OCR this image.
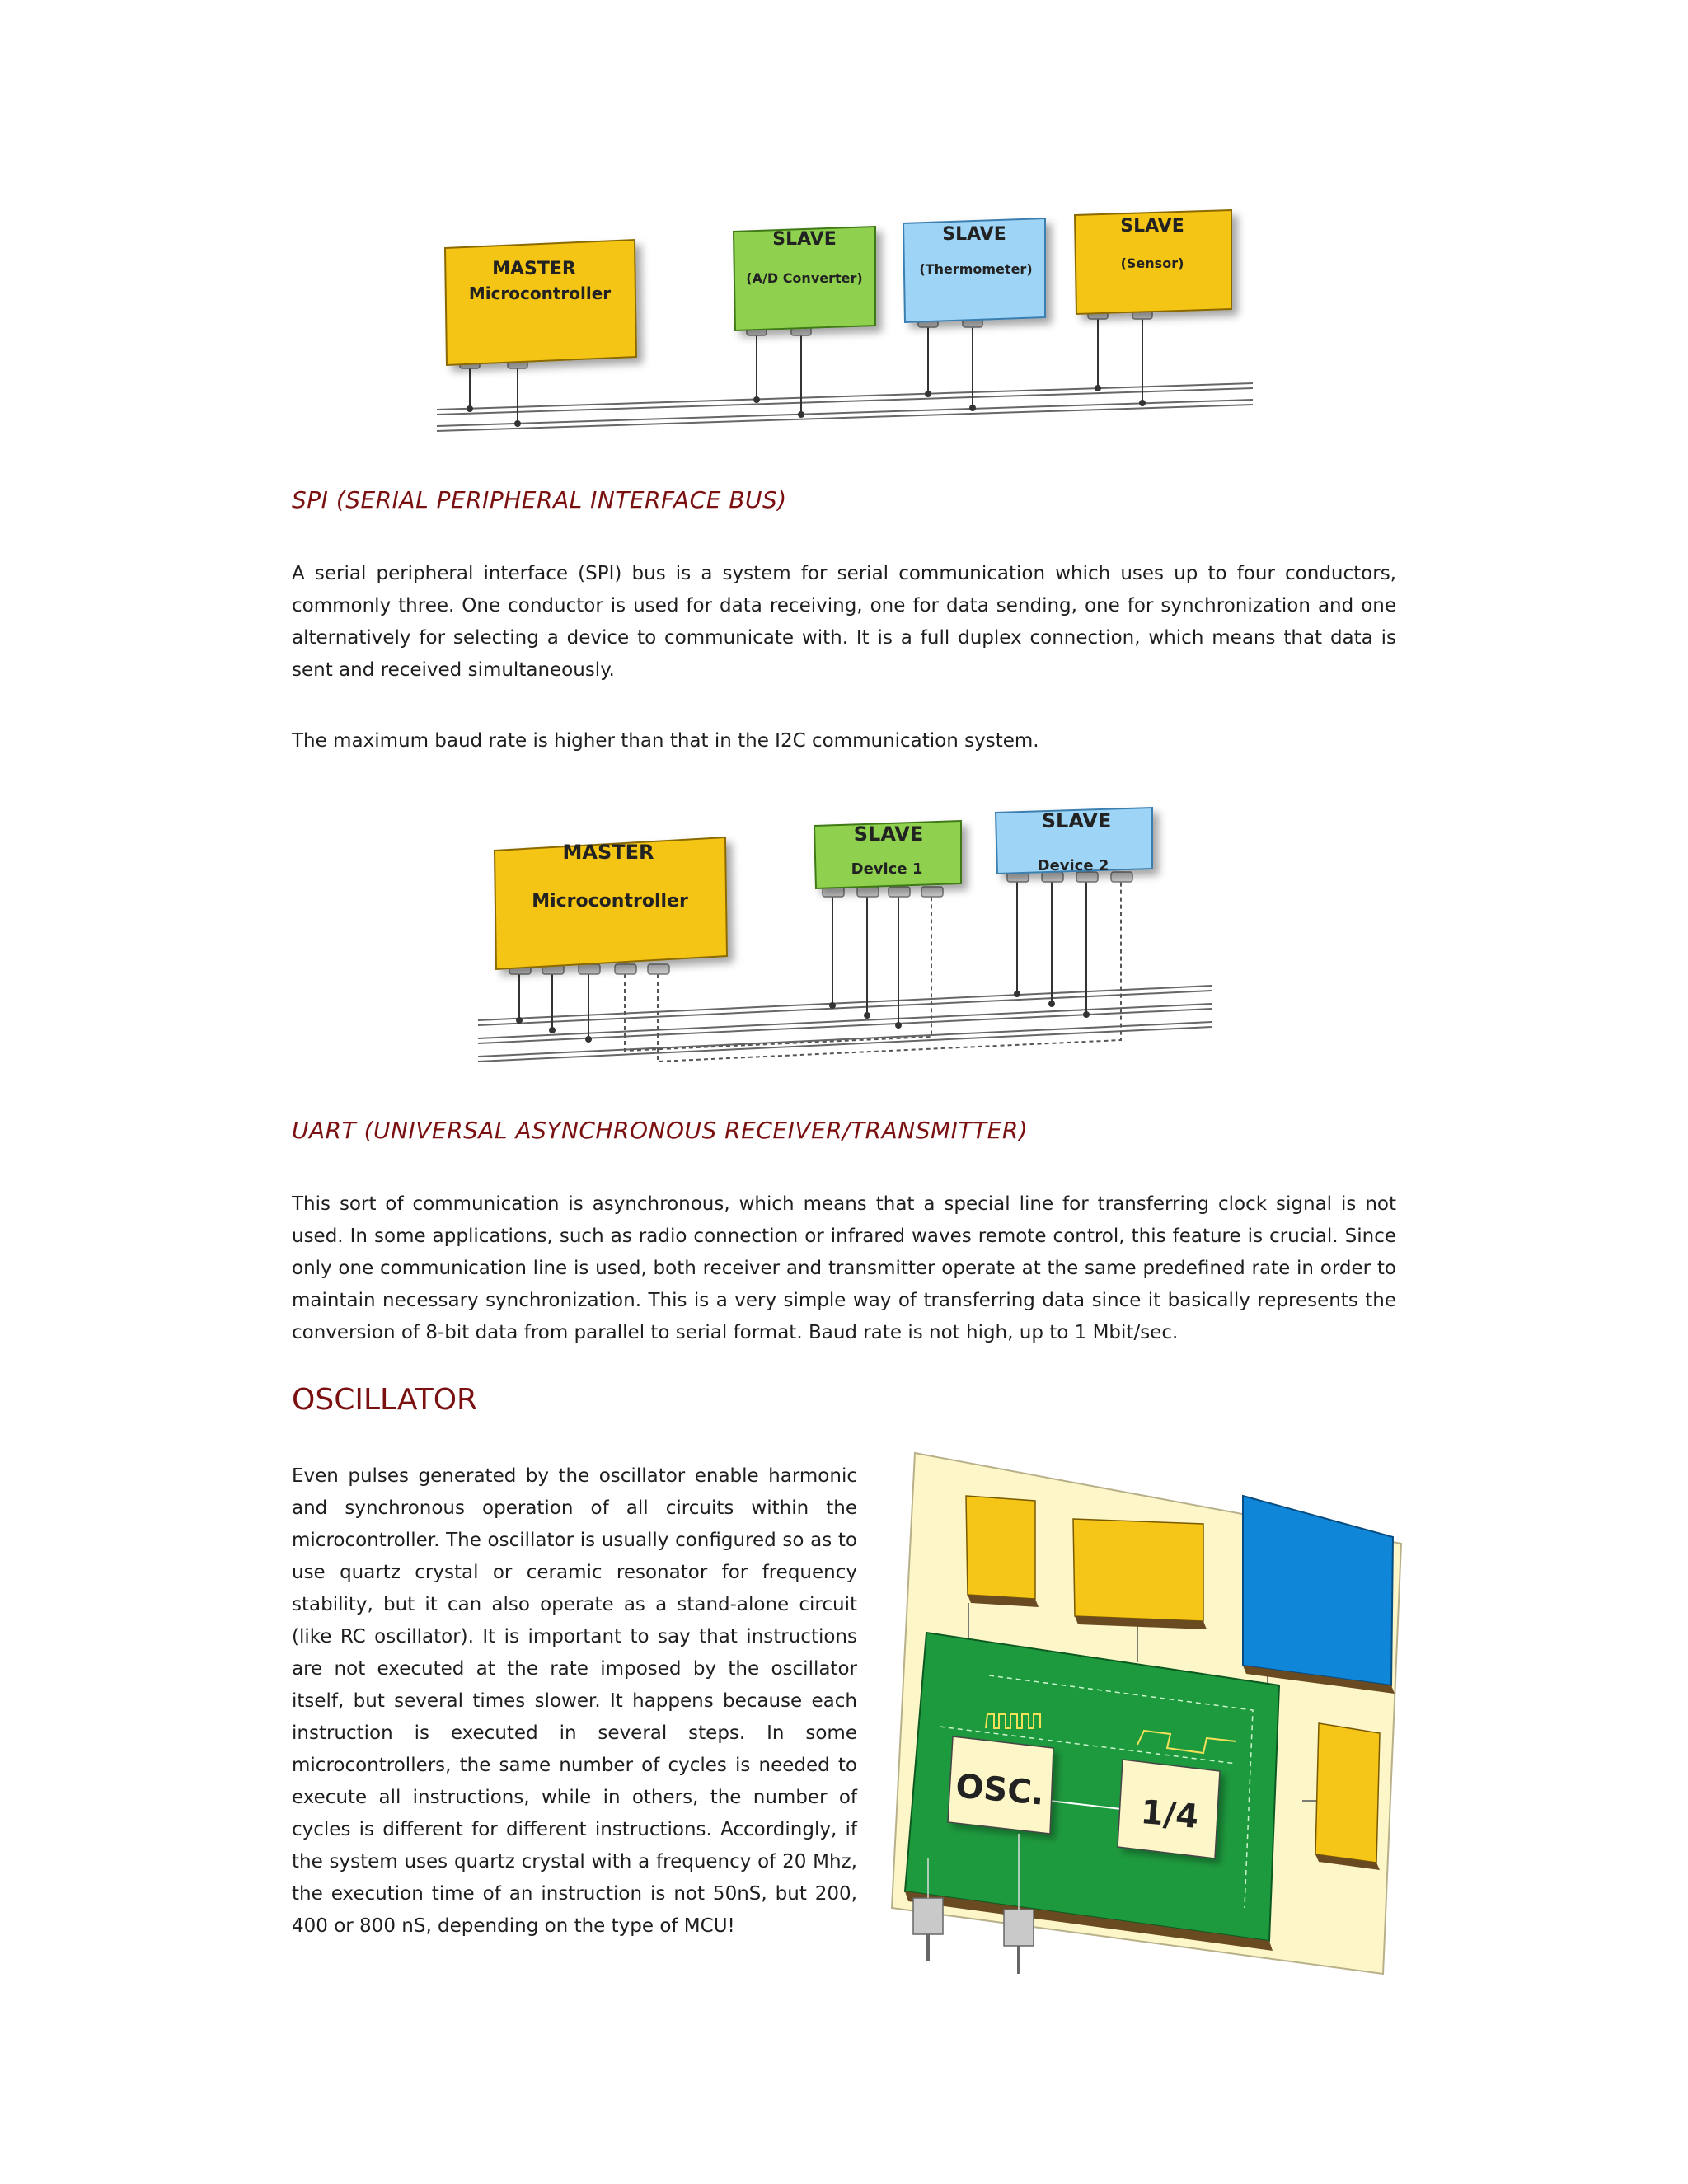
MASTER
Microcontroller
SLAVE
(A/D Converter)
SLAVE
(Thermometer)
SLAVE
(Sensor)
SPI (SERIAL PERIPHERAL INTERFACE BUS)

A serial peripheral interface (SPI) bus is a system for serial communication which uses up to four conductors, commonly three. One conductor is used for data receiving, one for data sending, one for synchronization and one alternatively for selecting a device to communicate with. It is a full duplex connection, which means that data is sent and received simultaneously.

The maximum baud rate is higher than that in the I2C communication system.

MASTER
Microcontroller
SLAVE
Device 1
SLAVE
Device 2
UART (UNIVERSAL ASYNCHRONOUS RECEIVER/TRANSMITTER)

This sort of communication is asynchronous, which means that a special line for transferring clock signal is not used. In some applications, such as radio connection or infrared waves remote control, this feature is crucial. Since only one communication line is used, both receiver and transmitter operate at the same predefined rate in order to maintain necessary synchronization. This is a very simple way of transferring data since it basically represents the conversion of 8-bit data from parallel to serial format. Baud rate is not high, up to 1 Mbit/sec.

OSCILLATOR

Even pulses generated by the oscillator enable harmonic and synchronous operation of all circuits within the microcontroller. The oscillator is usually configured so as to use quartz crystal or ceramic resonator for frequency stability, but it can also operate as a stand-alone circuit (like RC oscillator). It is important to say that instructions are not executed at the rate imposed by the oscillator itself, but several times slower. It happens because each instruction is executed in several steps. In some microcontrollers, the same number of cycles is needed to execute all instructions, while in others, the number of cycles is different for different instructions. Accordingly, if the system uses quartz crystal with a frequency of 20 Mhz, the execution time of an instruction is not 50nS, but 200, 400 or 800 nS, depending on the type of MCU!

OSC.
1/4
